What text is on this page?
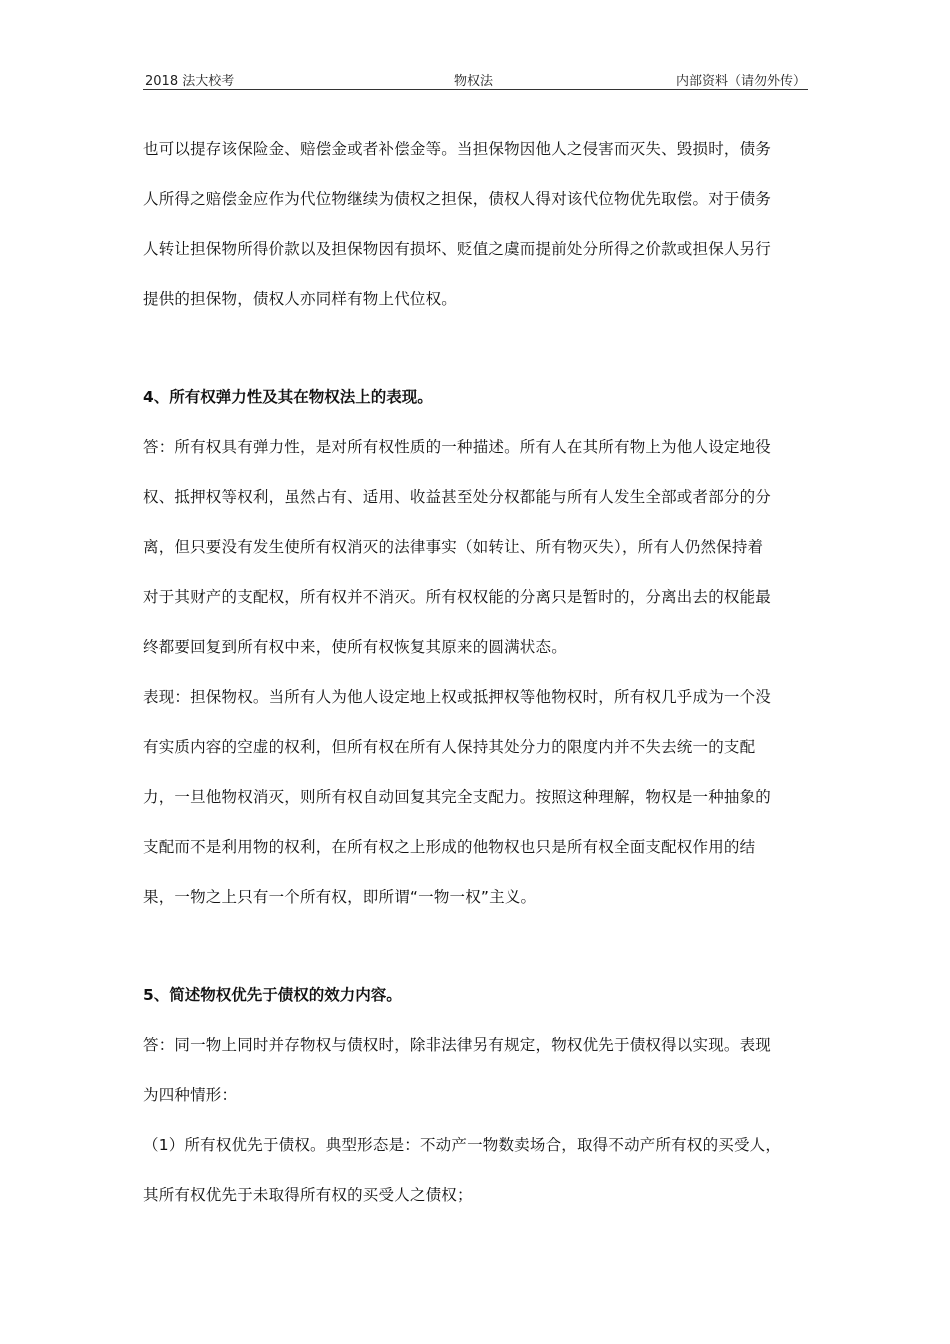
2018 法大校考	物权法	内部资料（请勿外传）

也可以提存该保险金、赔偿金或者补偿金等。当担保物因他人之侵害而灭失、毁损时，债务

人所得之赔偿金应作为代位物继续为债权之担保，债权人得对该代位物优先取偿。对于债务

人转让担保物所得价款以及担保物因有损坏、贬值之虞而提前处分所得之价款或担保人另行

提供的担保物，债权人亦同样有物上代位权。

4、所有权弹力性及其在物权法上的表现。

答：所有权具有弹力性，是对所有权性质的一种描述。所有人在其所有物上为他人设定地役

权、抵押权等权利，虽然占有、适用、收益甚至处分权都能与所有人发生全部或者部分的分

离，但只要没有发生使所有权消灭的法律事实（如转让、所有物灭失），所有人仍然保持着

对于其财产的支配权，所有权并不消灭。所有权权能的分离只是暂时的，分离出去的权能最

终都要回复到所有权中来，使所有权恢复其原来的圆满状态。

表现：担保物权。当所有人为他人设定地上权或抵押权等他物权时，所有权几乎成为一个没

有实质内容的空虚的权利，但所有权在所有人保持其处分力的限度内并不失去统一的支配

力，一旦他物权消灭，则所有权自动回复其完全支配力。按照这种理解，物权是一种抽象的

支配而不是利用物的权利，在所有权之上形成的他物权也只是所有权全面支配权作用的结

果，一物之上只有一个所有权，即所谓“一物一权”主义。

5、简述物权优先于债权的效力内容。

答：同一物上同时并存物权与债权时，除非法律另有规定，物权优先于债权得以实现。表现

为四种情形：

（1）所有权优先于债权。典型形态是：不动产一物数卖场合，取得不动产所有权的买受人，

其所有权优先于未取得所有权的买受人之债权；
